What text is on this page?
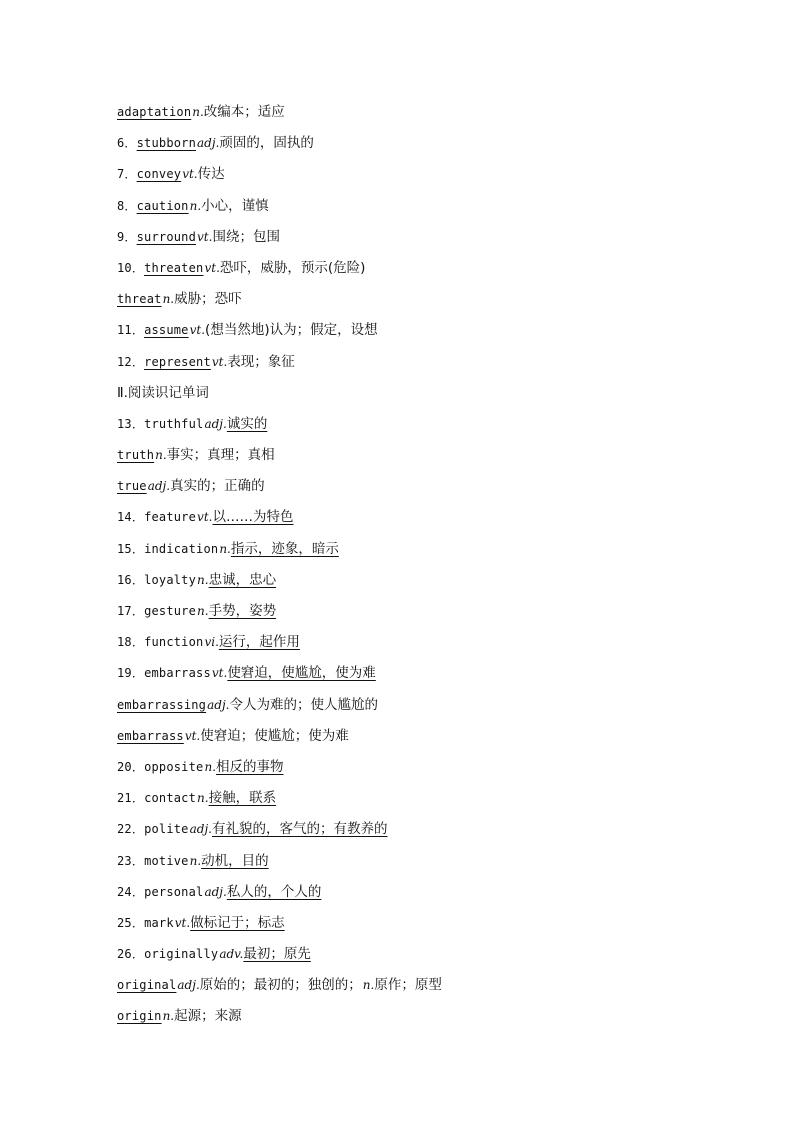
adaptationn.改编本；适应
6．stubbornadj.顽固的，固执的
7．conveyvt.传达
8．cautionn.小心，谨慎
9．surroundvt.围绕；包围
10．threatenvt.恐吓，威胁，预示(危险)
threatn.威胁；恐吓
11．assumevt.(想当然地)认为；假定，设想
12．representvt.表现；象征
Ⅱ.阅读识记单词
13．truthfuladj.诚实的
truthn.事实；真理；真相
trueadj.真实的；正确的
14．featurevt.以……为特色
15．indicationn.指示，迹象，暗示
16．loyaltyn.忠诚，忠心
17．gesturen.手势，姿势
18．functionvi.运行，起作用
19．embarrassvt.使窘迫，使尴尬，使为难
embarrassingadj.令人为难的；使人尴尬的
embarrassvt.使窘迫；使尴尬；使为难
20．oppositen.相反的事物
21．contactn.接触，联系
22．politeadj.有礼貌的，客气的；有教养的
23．motiven.动机，目的
24．personaladj.私人的，个人的
25．markvt.做标记于；标志
26．originallyadv.最初；原先
originaladj.原始的；最初的；独创的；n.原作；原型
originn.起源；来源
